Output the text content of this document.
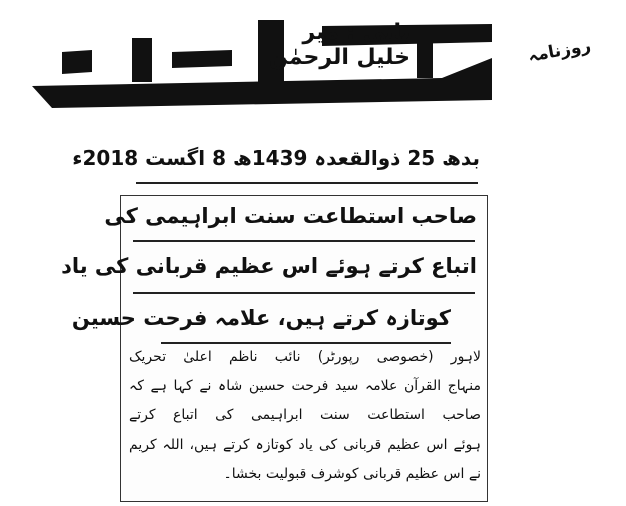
بانی : میر خلیل الرحمٰن	روزنامہ
بدھ 25 ذوالقعدہ 1439ھ 8 اگست 2018ء
صاحب استطاعت سنت ابراہیمی کی
اتباع کرتے ہوئے اس عظیم قربانی کی یاد
کوتازہ کرتے ہیں، علامہ فرحت حسین
لاہور (خصوصی رپورٹر) نائب ناظم اعلیٰ تحریک
منہاج القرآن علامہ سید فرحت حسین شاہ نے کہا ہے کہ
صاحب استطاعت سنت ابراہیمی کی اتباع کرتے
ہوئے اس عظیم قربانی کی یاد کوتازہ کرتے ہیں، اللہ کریم
نے اس عظیم قربانی کوشرف قبولیت بخشا۔
